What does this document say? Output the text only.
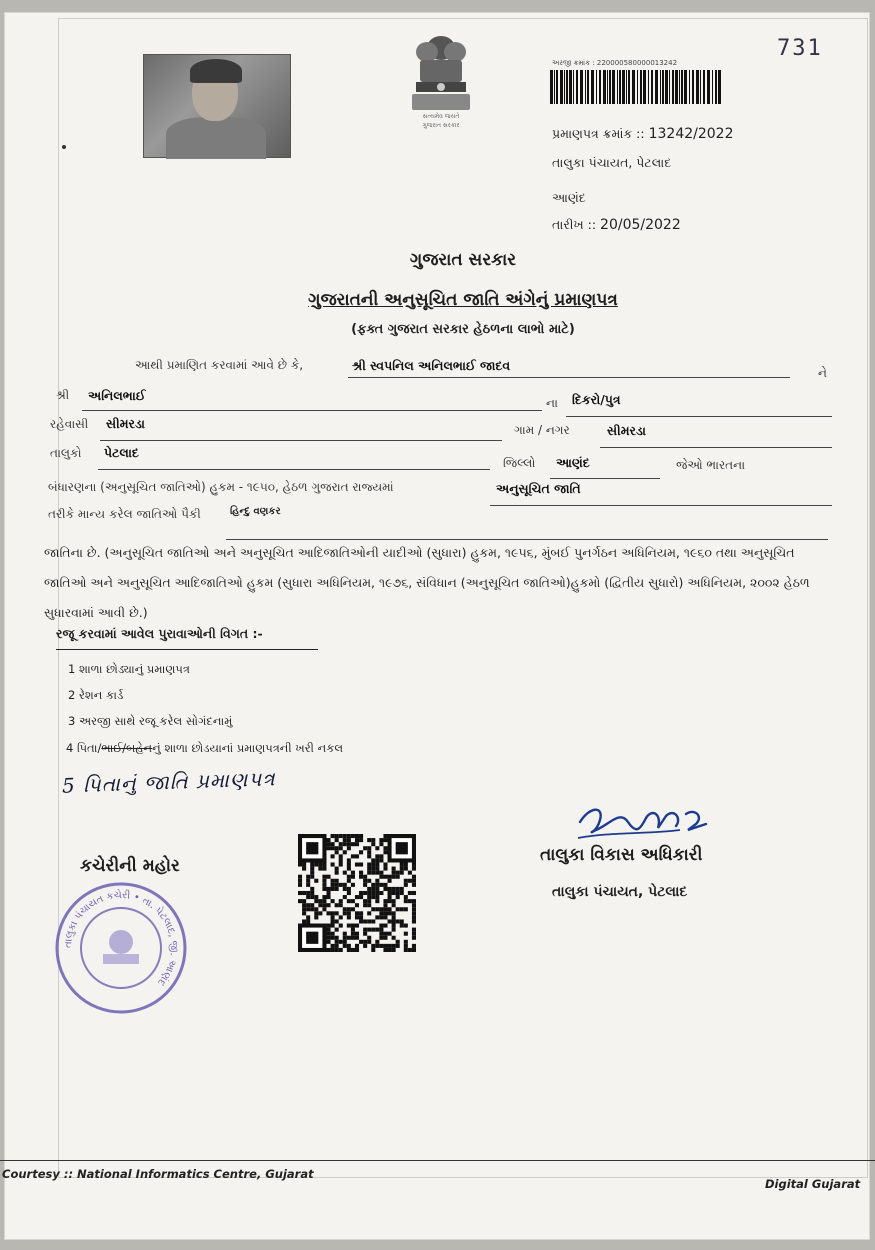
સત્યમેવ જયતે
ગુજરાત સરકાર
અરજી ક્રમાંક : 220000580000013242
731
પ્રમાણપત્ર ક્રમાંક :: 13242/2022
તાલુકા પંચાયત, પેટલાદ
આણંદ
તારીખ :: 20/05/2022
ગુજરાત સરકાર
ગુજરાતની અનુસૂચિત જાતિ અંગેનું પ્રમાણપત્ર
(ફક્ત ગુજરાત સરકાર હેઠળના લાભો માટે)
આથી પ્રમાણિત કરવામાં આવે છે કે,	શ્રી સ્વપનિલ અનિલભાઈ જાદવ	ને
શ્રી અનિલભાઈ	ના દિકરો/પુત્ર
રહેવાસી સીમરડા	ગામ / નગર	સીમરડા
તાલુકો પેટલાદ
જિલ્લો આણંદ	જેઓ ભારતના
બંધારણના (અનુસૂચિત જાતિઓ) હુકમ - ૧૯૫૦, હેઠળ ગુજરાત રાજ્યમાં	અનુસૂચિત જાતિ
તરીકે માન્ય કરેલ જાતિઓ પૈકી	હિન્દુ વણકર
જાતિના છે. (અનુસૂચિત જાતિઓ અને અનુસૂચિત આદિજાતિઓની યાદીઓ (સુધારા) હુકમ, ૧૯૫૬, મુંબઈ પુનર્ગઠન અધિનિયમ, ૧૯૬૦ તથા અનુસૂચિત જાતિઓ અને અનુસૂચિત આદિજાતિઓ હુકમ (સુધારા અધિનિયમ, ૧૯૭૬, સંવિધાન (અનુસૂચિત જાતિઓ)હુકમો (દ્વિતીય સુધારો) અધિનિયમ, ૨૦૦૨ હેઠળ સુધારવામાં આવી છે.)
રજૂ કરવામાં આવેલ પુરાવાઓની વિગત :-
1 શાળા છોડ્યાનું પ્રમાણપત્ર
2 રેશન કાર્ડ
3 અરજી સાથે રજૂ કરેલ સોગંદનામું
4 પિતા/ભાઈ/બહેનનું શાળા છોડયાનાં પ્રમાણપત્રની ખરી નકલ
5 પિતાનું જાતિ પ્રમાણપત્ર
કચેરીની મહોર
તાલુકા પંચાયત કચેરી • તા. પેટલાદ, જી. આણંદ
તાલુકા વિકાસ અધિકારી
તાલુકા પંચાયત, પેટલાદ
Courtesy :: National Informatics Centre, Gujarat
Digital Gujarat
